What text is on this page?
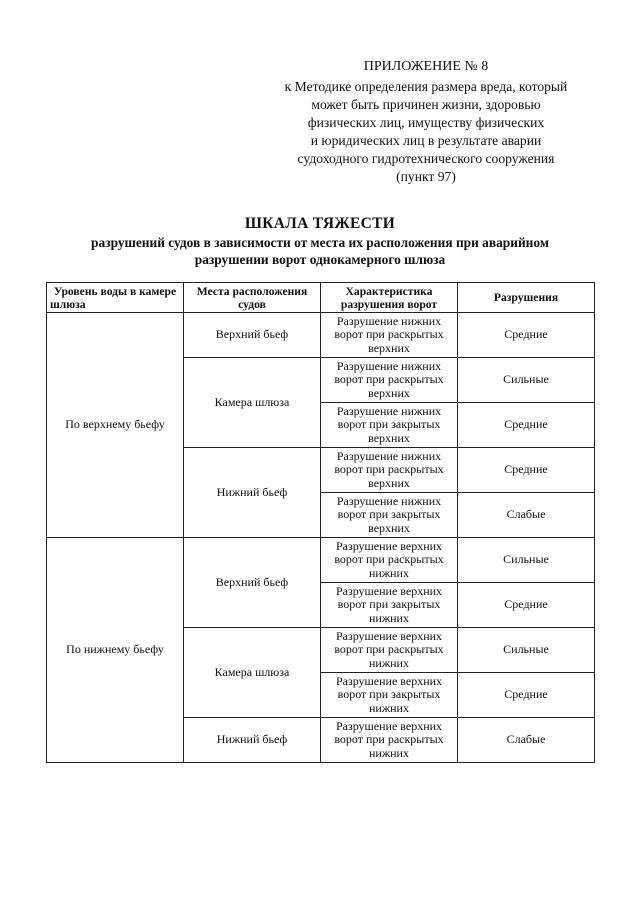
ПРИЛОЖЕНИЕ № 8
к Методике определения размера вреда, который
может быть причинен жизни, здоровью
физических лиц, имуществу физических
и юридических лиц в результате аварии
судоходного гидротехнического сооружения
(пункт 97)
ШКАЛА ТЯЖЕСТИ
разрушений судов в зависимости от места их расположения при аварийном
разрушении ворот однокамерного шлюза
Уровень воды в камере шлюза	Места расположения судов	Характеристика разрушения ворот	Разрушения
По верхнему бьефу	Верхний бьеф	Разрушение нижних ворот при раскрытых верхних	Средние
	Камера шлюза	Разрушение нижних ворот при раскрытых верхних	Сильные
		Разрушение нижних ворот при закрытых верхних	Средние
	Нижний бьеф	Разрушение нижних ворот при раскрытых верхних	Средние
		Разрушение нижних ворот при закрытых верхних	Слабые
По нижнему бьефу	Верхний бьеф	Разрушение верхних ворот при раскрытых нижних	Сильные
		Разрушение верхних ворот при закрытых нижних	Средние
	Камера шлюза	Разрушение верхних ворот при раскрытых нижних	Сильные
		Разрушение верхних ворот при закрытых нижних	Средние
	Нижний бьеф	Разрушение верхних ворот при раскрытых нижних	Слабые
